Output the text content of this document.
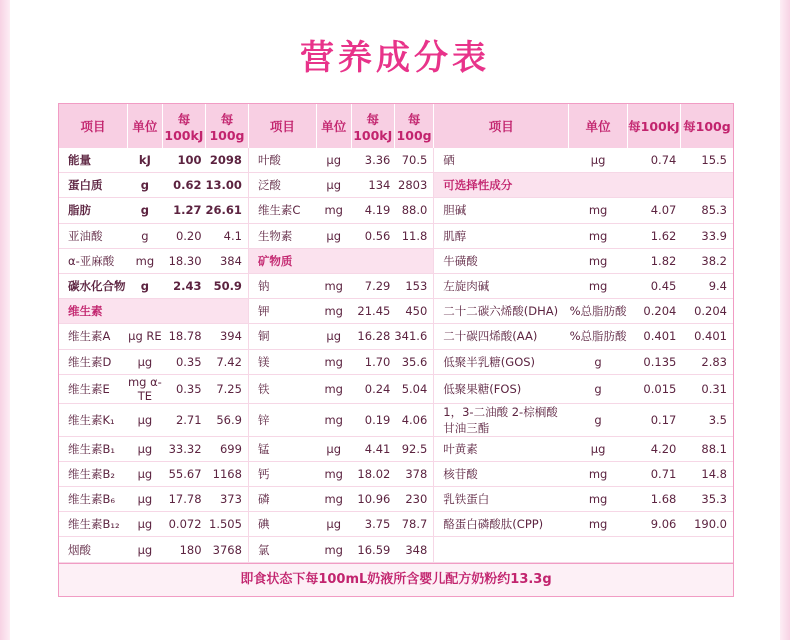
营养成分表
项目	单位	每100kJ	每100g	项目	单位	每100kJ	每100g	项目	单位	每100kJ	每100g
能量	kJ	100	2098	叶酸	μg	3.36	70.5	硒	μg	0.74	15.5
蛋白质	g	0.62	13.00	泛酸	μg	134	2803	可选择性成分			
脂肪	g	1.27	26.61	维生素C	mg	4.19	88.0	胆碱	mg	4.07	85.3
亚油酸	g	0.20	4.1	生物素	μg	0.56	11.8	肌醇	mg	1.62	33.9
α-亚麻酸	mg	18.30	384	矿物质				牛磺酸	mg	1.82	38.2
碳水化合物	g	2.43	50.9	钠	mg	7.29	153	左旋肉碱	mg	0.45	9.4
维生素				钾	mg	21.45	450	二十二碳六烯酸(DHA)	%总脂肪酸	0.204	0.204
维生素A	μg RE	18.78	394	铜	μg	16.28	341.6	二十碳四烯酸(AA)	%总脂肪酸	0.401	0.401
维生素D	μg	0.35	7.42	镁	mg	1.70	35.6	低聚半乳糖(GOS)	g	0.135	2.83
维生素E	mg α-TE	0.35	7.25	铁	mg	0.24	5.04	低聚果糖(FOS)	g	0.015	0.31
维生素K₁	μg	2.71	56.9	锌	mg	0.19	4.06	1，3-二油酸 2-棕榈酸甘油三酯	g	0.17	3.5
维生素B₁	μg	33.32	699	锰	μg	4.41	92.5	叶黄素	μg	4.20	88.1
维生素B₂	μg	55.67	1168	钙	mg	18.02	378	核苷酸	mg	0.71	14.8
维生素B₆	μg	17.78	373	磷	mg	10.96	230	乳铁蛋白	mg	1.68	35.3
维生素B₁₂	μg	0.072	1.505	碘	μg	3.75	78.7	酪蛋白磷酸肽(CPP)	mg	9.06	190.0
烟酸	μg	180	3768	氯	mg	16.59	348				
即食状态下每100mL奶液所含婴儿配方奶粉约13.3g
